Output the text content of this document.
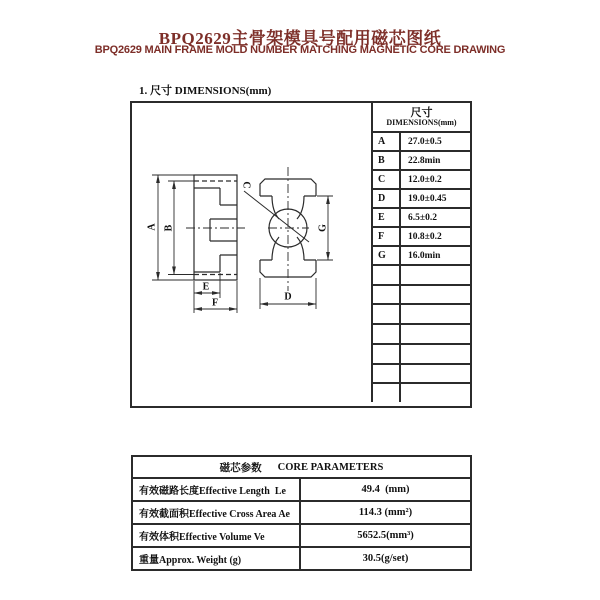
BPQ2629主骨架模具号配用磁芯图纸
BPQ2629 MAIN FRAME MOLD NUMBER MATCHING MAGNETIC CORE DRAWING
1. 尺寸 DIMENSIONS(mm)
A B
C
D
E
F
G
尺寸
DIMENSIONS(mm)
A	27.0±0.5
B	22.8min
C	12.0±0.2
D	19.0±0.45
E	6.5±0.2
F	10.8±0.2
G	16.0min
磁芯参数 CORE PARAMETERS
有效磁路长度Effective Length  Le	49.4  (mm)
有效截面积Effective Cross Area Ae	114.3 (mm²)
有效体积Effective Volume Ve	5652.5(mm³)
重量Approx. Weight (g)	30.5(g/set)
